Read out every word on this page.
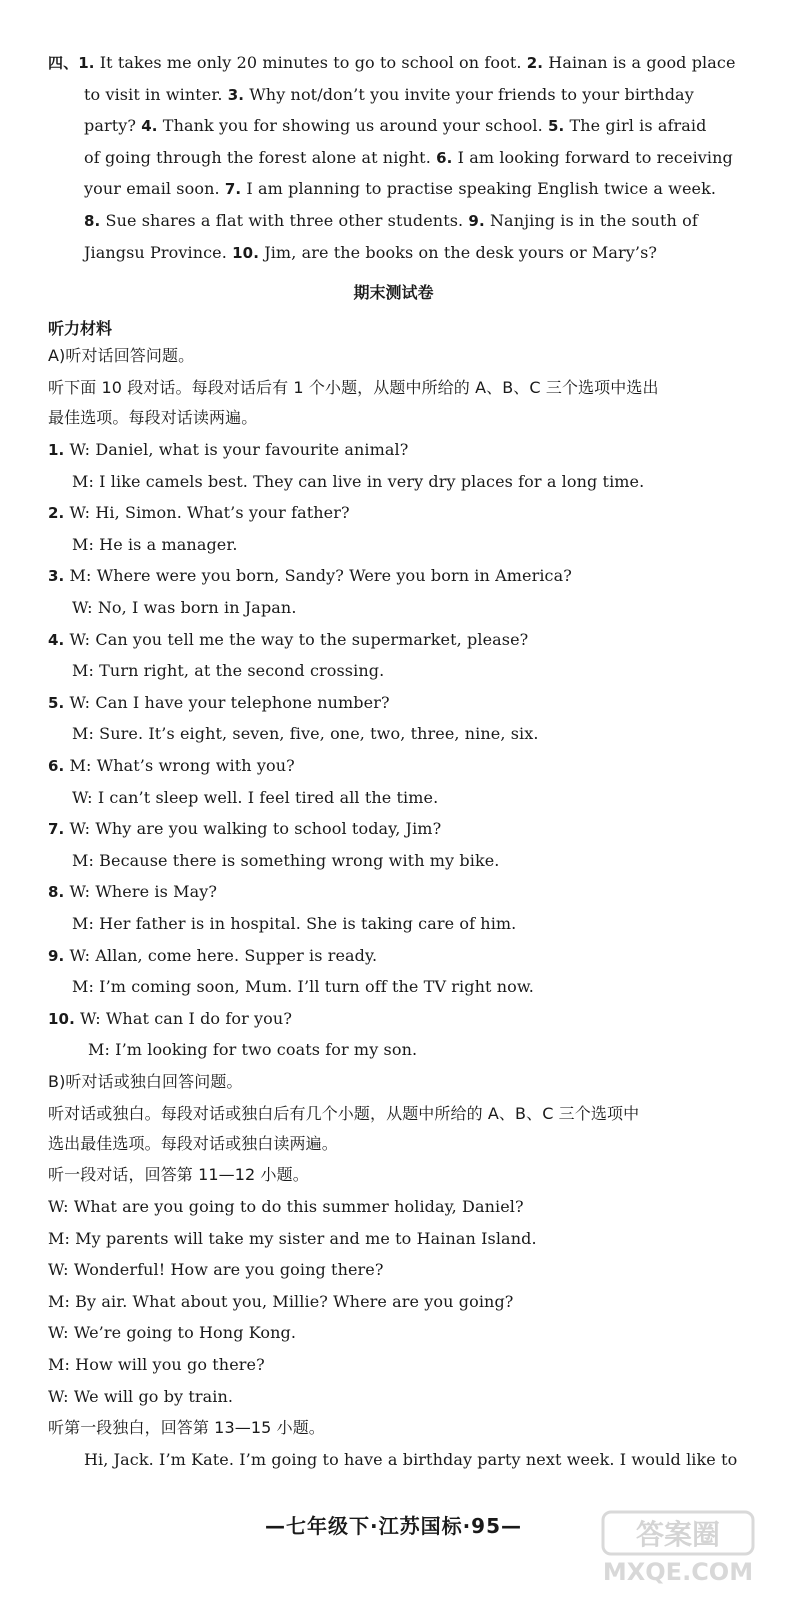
四、1. It takes me only 20 minutes to go to school on foot. 2. Hainan is a good place
to visit in winter. 3. Why not/don’t you invite your friends to your birthday
party? 4. Thank you for showing us around your school. 5. The girl is afraid
of going through the forest alone at night. 6. I am looking forward to receiving
your email soon. 7. I am planning to practise speaking English twice a week.
8. Sue shares a flat with three other students. 9. Nanjing is in the south of
Jiangsu Province. 10. Jim, are the books on the desk yours or Mary’s?
期末测试卷
听力材料
A)听对话回答问题。
听下面 10 段对话。每段对话后有 1 个小题，从题中所给的 A、B、C 三个选项中选出
最佳选项。每段对话读两遍。
1. W: Daniel, what is your favourite animal?
M: I like camels best. They can live in very dry places for a long time.
2. W: Hi, Simon. What’s your father?
M: He is a manager.
3. M: Where were you born, Sandy? Were you born in America?
W: No, I was born in Japan.
4. W: Can you tell me the way to the supermarket, please?
M: Turn right, at the second crossing.
5. W: Can I have your telephone number?
M: Sure. It’s eight, seven, five, one, two, three, nine, six.
6. M: What’s wrong with you?
W: I can’t sleep well. I feel tired all the time.
7. W: Why are you walking to school today, Jim?
M: Because there is something wrong with my bike.
8. W: Where is May?
M: Her father is in hospital. She is taking care of him.
9. W: Allan, come here. Supper is ready.
M: I’m coming soon, Mum. I’ll turn off the TV right now.
10. W: What can I do for you?
M: I’m looking for two coats for my son.
B)听对话或独白回答问题。
听对话或独白。每段对话或独白后有几个小题，从题中所给的 A、B、C 三个选项中
选出最佳选项。每段对话或独白读两遍。
听一段对话，回答第 11—12 小题。
W: What are you going to do this summer holiday, Daniel?
M: My parents will take my sister and me to Hainan Island.
W: Wonderful! How are you going there?
M: By air. What about you, Millie? Where are you going?
W: We’re going to Hong Kong.
M: How will you go there?
W: We will go by train.
听第一段独白，回答第 13—15 小题。
Hi, Jack. I’m Kate. I’m going to have a birthday party next week. I would like to
—七年级下·江苏国标·95—	答案圈
MXQE.COM
